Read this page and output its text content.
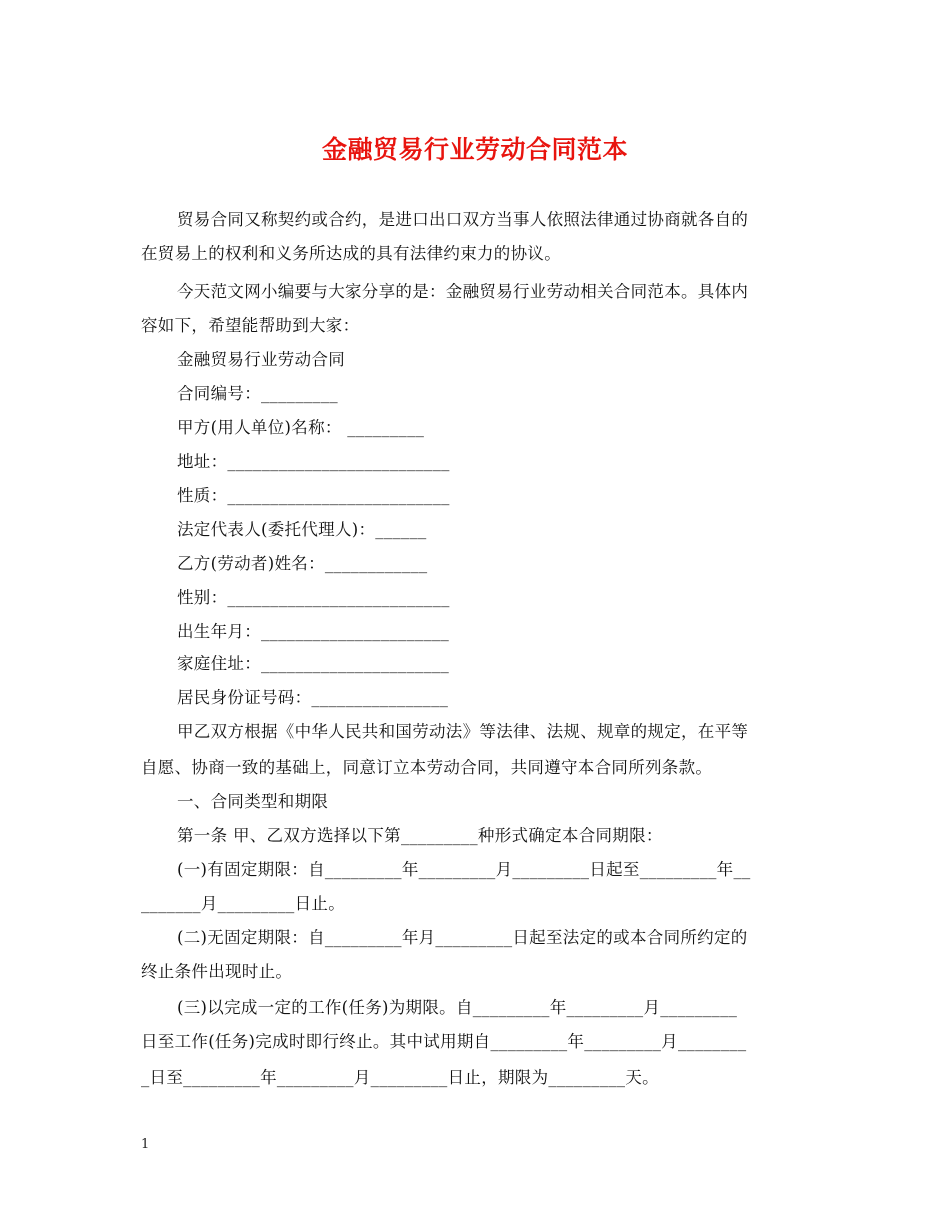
金融贸易行业劳动合同范本
贸易合同又称契约或合约，是进口出口双方当事人依照法律通过协商就各自的
在贸易上的权利和义务所达成的具有法律约束力的协议。
今天范文网小编要与大家分享的是：金融贸易行业劳动相关合同范本。具体内
容如下，希望能帮助到大家：
金融贸易行业劳动合同
合同编号：_________
甲方(用人单位)名称： _________
地址：__________________________
性质：__________________________
法定代表人(委托代理人)：______
乙方(劳动者)姓名：____________
性别：__________________________
出生年月：______________________
家庭住址：______________________
居民身份证号码：________________
甲乙双方根据《中华人民共和国劳动法》等法律、法规、规章的规定，在平等
自愿、协商一致的基础上，同意订立本劳动合同，共同遵守本合同所列条款。
一、合同类型和期限
第一条 甲、乙双方选择以下第_________种形式确定本合同期限：
(一)有固定期限：自_________年_________月_________日起至_________年__
_______月_________日止。
(二)无固定期限：自_________年月_________日起至法定的或本合同所约定的
终止条件出现时止。
(三)以完成一定的工作(任务)为期限。自_________年_________月_________
日至工作(任务)完成时即行终止。其中试用期自_________年_________月________
_日至_________年_________月_________日止，期限为_________天。
1
